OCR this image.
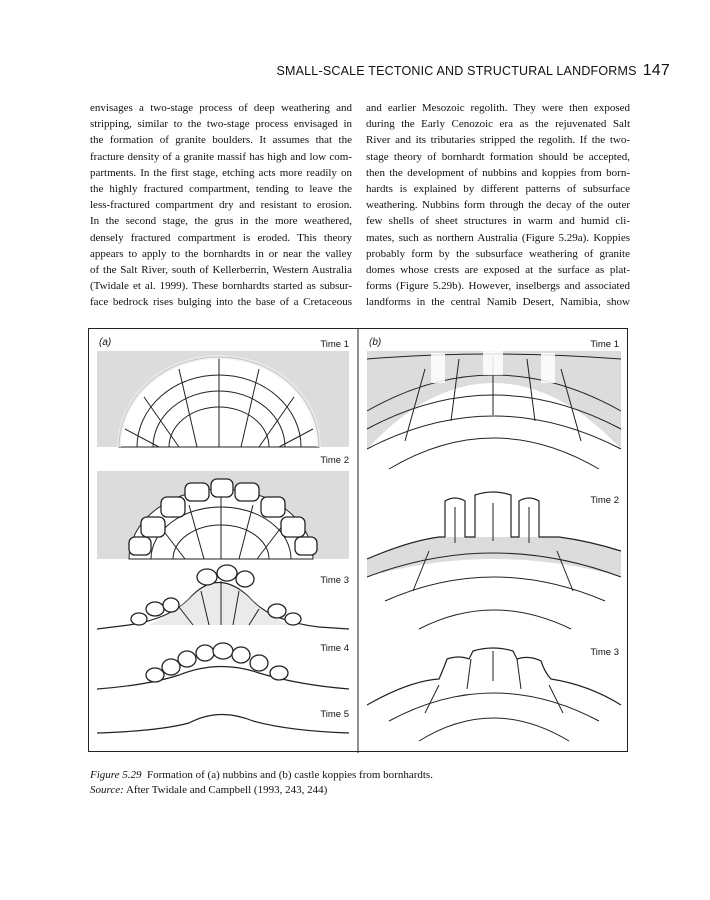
SMALL-SCALE TECTONIC AND STRUCTURAL LANDFORMS 147
envisages a two-stage process of deep weathering and
stripping, similar to the two-stage process envisaged in
the formation of granite boulders. It assumes that the
fracture density of a granite massif has high and low com-
partments. In the first stage, etching acts more readily on
the highly fractured compartment, tending to leave the
less-fractured compartment dry and resistant to erosion.
In the second stage, the grus in the more weathered,
densely fractured compartment is eroded. This theory
appears to apply to the bornhardts in or near the valley
of the Salt River, south of Kellerberrin, Western Australia
(Twidale et al. 1999). These bornhardts started as subsur-
face bedrock rises bulging into the base of a Cretaceous
and earlier Mesozoic regolith. They were then exposed
during the Early Cenozoic era as the rejuvenated Salt
River and its tributaries stripped the regolith. If the two-
stage theory of bornhardt formation should be accepted,
then the development of nubbins and koppies from born-
hardts is explained by different patterns of subsurface
weathering. Nubbins form through the decay of the outer
few shells of sheet structures in warm and humid cli-
mates, such as northern Australia (Figure 5.29a). Koppies
probably form by the subsurface weathering of granite
domes whose crests are exposed at the surface as plat-
forms (Figure 5.29b). However, inselbergs and associated
landforms in the central Namib Desert, Namibia, show
(a)	Time 1
Time 2
Time 3
Time 4
Time 5
(b)	Time 1
Time 2
Time 3
Figure 5.29 Formation of (a) nubbins and (b) castle koppies from bornhardts.
Source: After Twidale and Campbell (1993, 243, 244)
